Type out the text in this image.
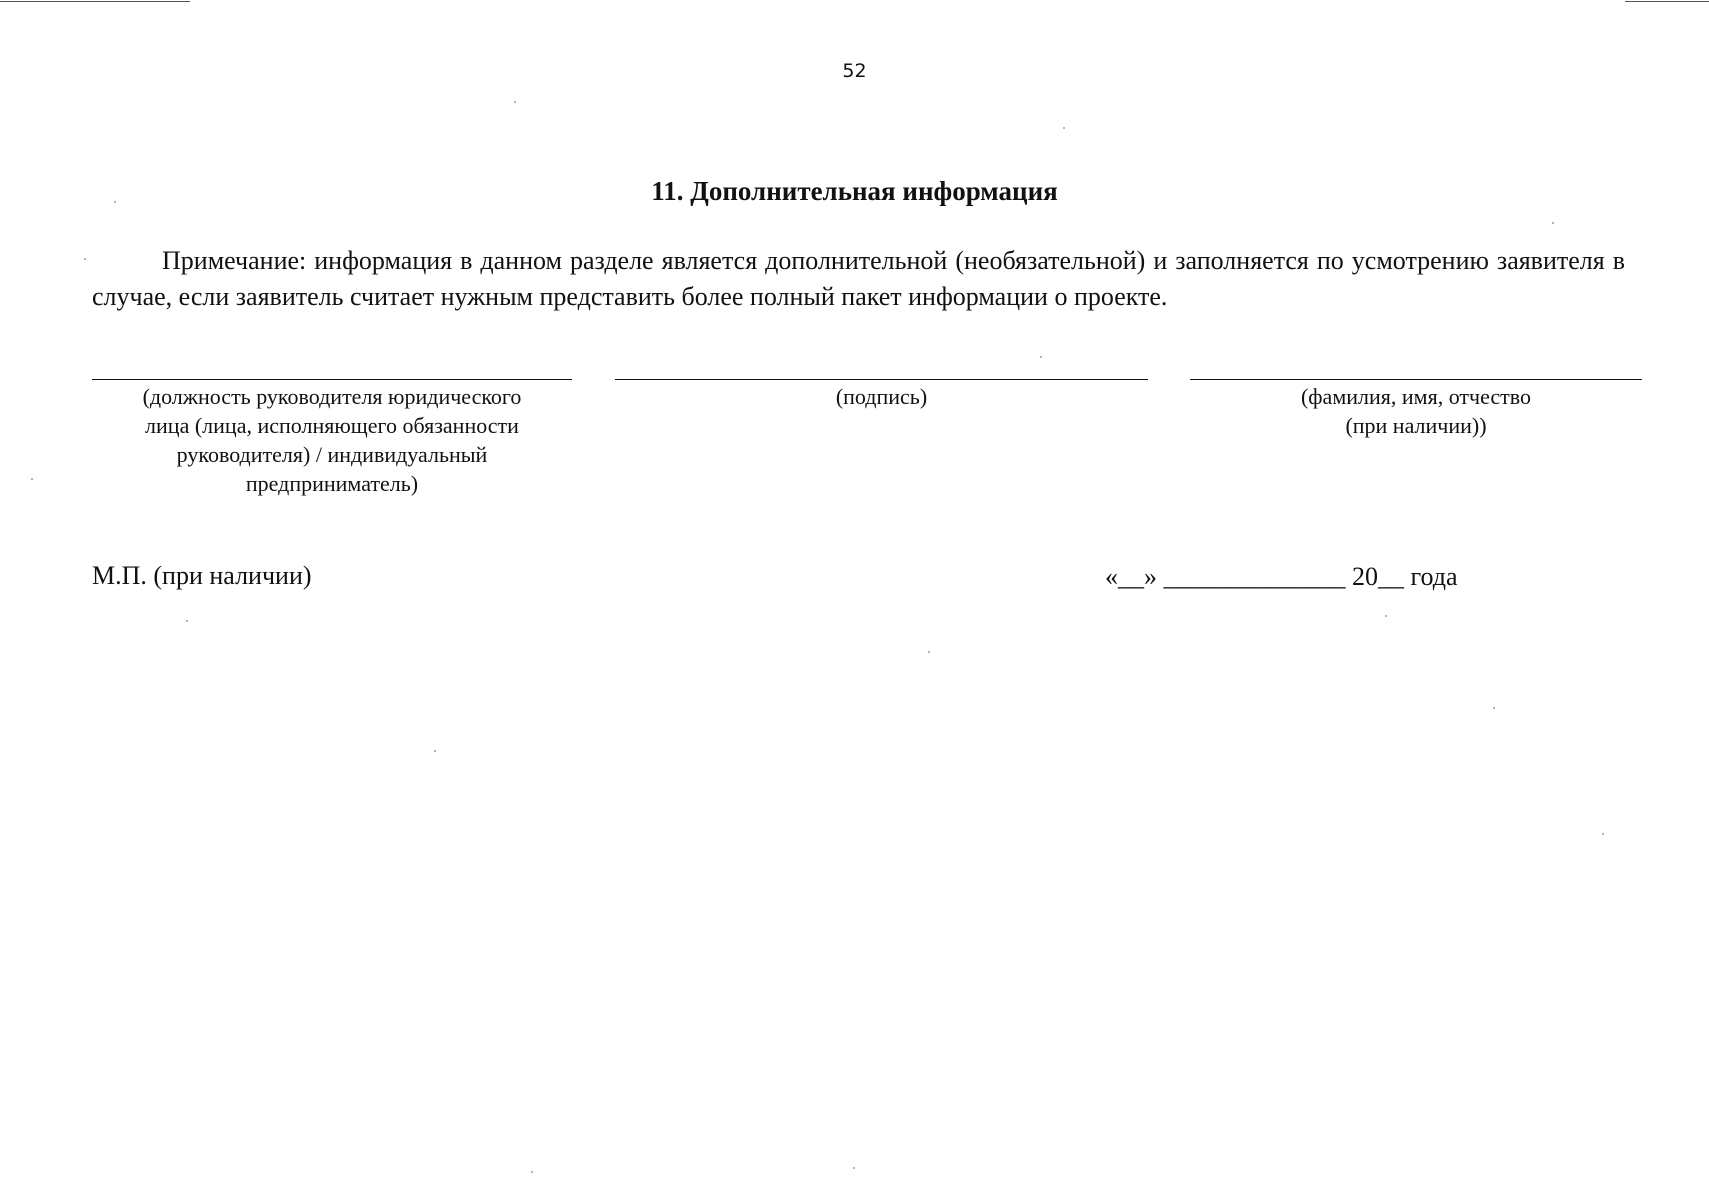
52
11. Дополнительная информация

Примечание: информация в данном разделе является дополнительной (необязательной) и заполняется по усмотрению заявителя в случае, если заявитель считает нужным представить более полный пакет информации о проекте.

(должность руководителя юридического
лица (лица, исполняющего обязанности
руководителя) / индивидуальный
предприниматель)
(подпись)	(фамилия, имя, отчество
(при наличии))
М.П. (при наличии)	«__» ______________ 20__ года
